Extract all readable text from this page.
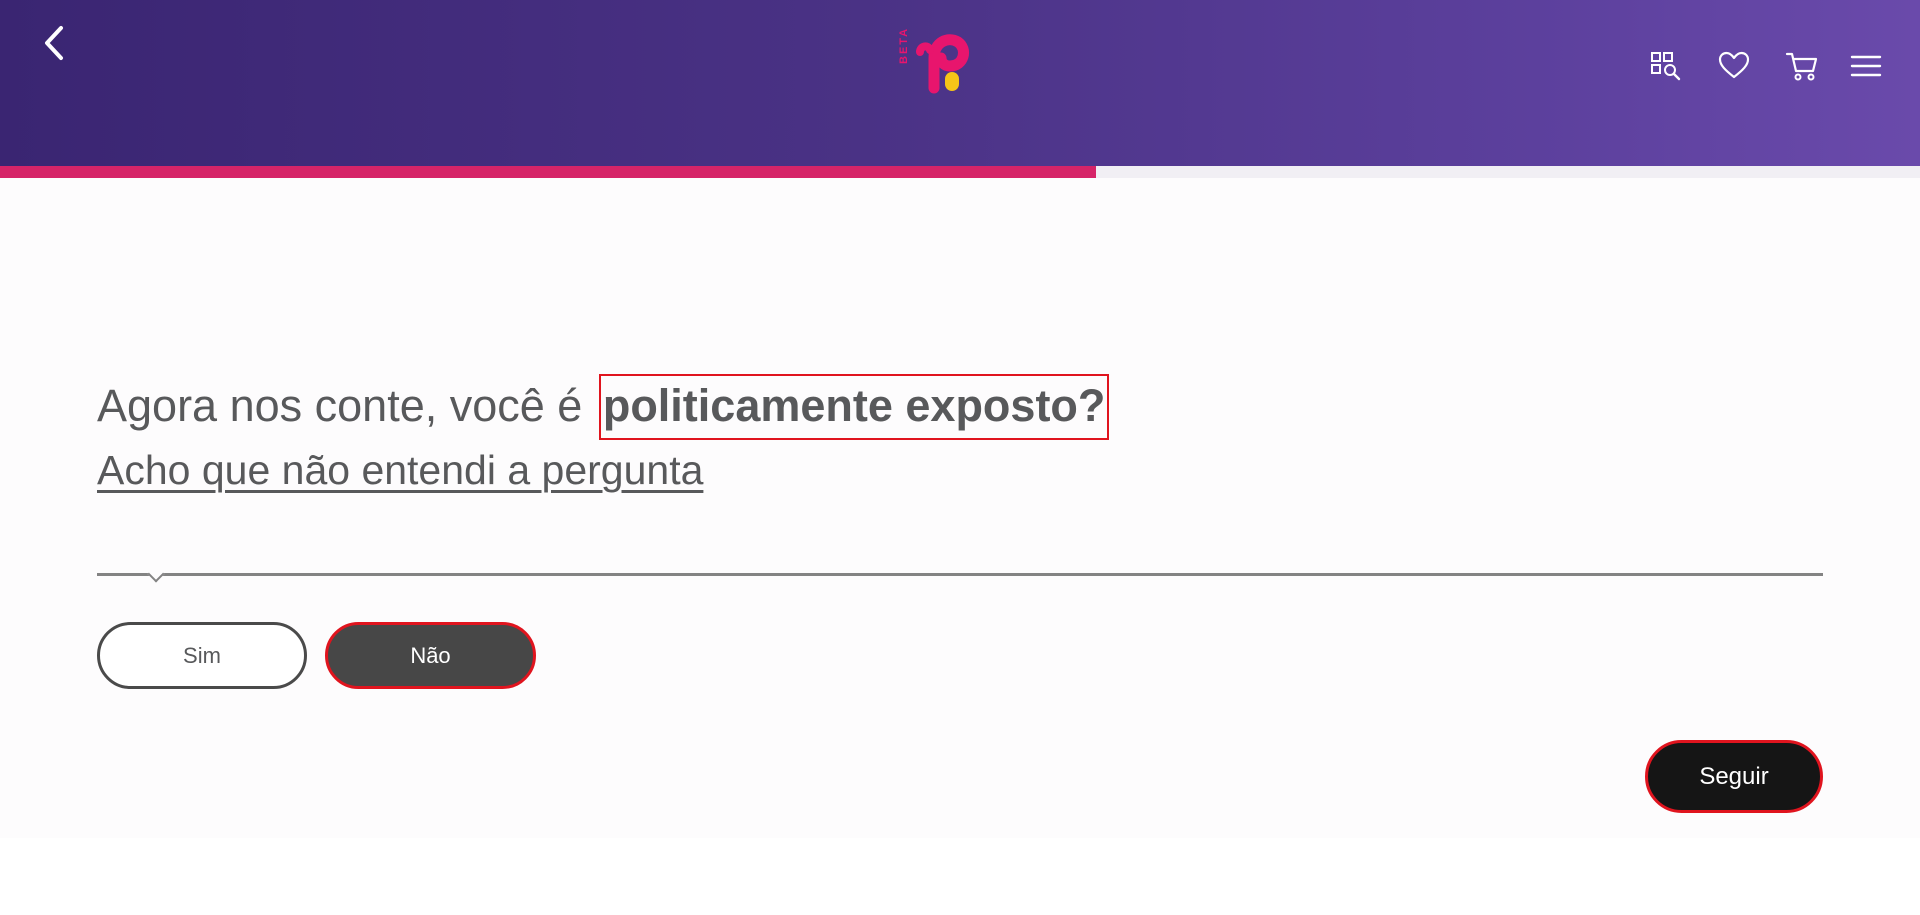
BETA
Agora nos conte, você é politicamente exposto?
Acho que não entendi a pergunta
Sim	Não
Seguir
